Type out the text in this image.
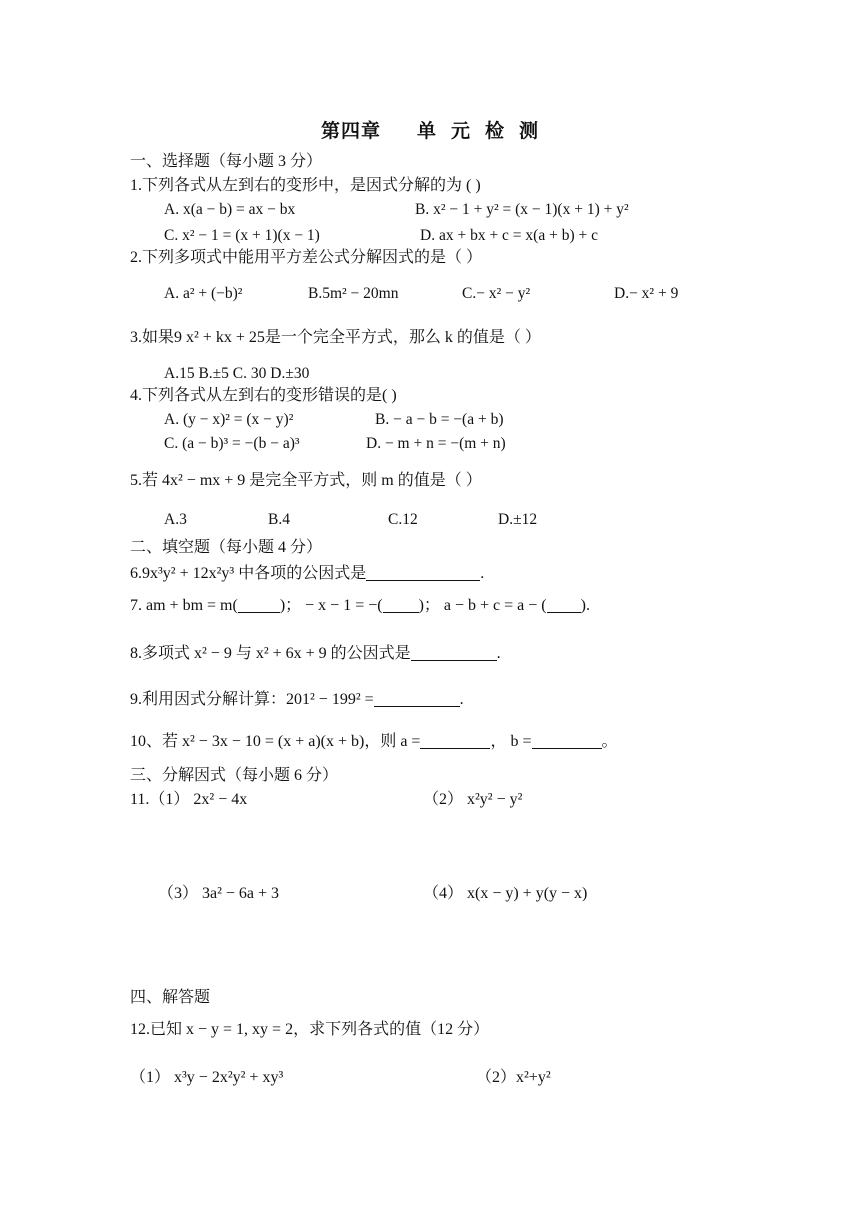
第四章 单 元 检 测
一、选择题（每小题 3 分）
1.下列各式从左到右的变形中，是因式分解的为 ( )
A. x(a − b) = ax − bx	B. x² − 1 + y² = (x − 1)(x + 1) + y²
C. x² − 1 = (x + 1)(x − 1)	D. ax + bx + c = x(a + b) + c
2.下列多项式中能用平方差公式分解因式的是（ ）
A. a² + (−b)²	B.5m² − 20mn	C.− x² − y²	D.− x² + 9
3.如果9 x² + kx + 25是一个完全平方式，那么 k 的值是（ ）
A.15 B.±5 C. 30 D.±30
4.下列各式从左到右的变形错误的是( )
A. (y − x)² = (x − y)²	B. − a − b = −(a + b)
C. (a − b)³ = −(b − a)³	D. − m + n = −(m + n)
5.若 4x² − mx + 9 是完全平方式，则 m 的值是（ ）
A.3	B.4	C.12	D.±12
二、填空题（每小题 4 分）
6.9x³y² + 12x²y³ 中各项的公因式是	.
7. am + bm = m(	)； − x − 1 = −( )； a − b + c = a − ( ).
8.多项式 x² − 9 与 x² + 6x + 9 的公因式是	.
9.利用因式分解计算：201² − 199² =	.
10、若 x² − 3x − 10 = (x + a)(x + b)，则 a =	， b =	。
三、分解因式（每小题 6 分）
11.（1） 2x² − 4x	（2） x²y² − y²
（3） 3a² − 6a + 3	（4） x(x − y) + y(y − x)
四、解答题
12.已知 x − y = 1, xy = 2，求下列各式的值（12 分）
（1） x³y − 2x²y² + xy³	（2）x²+y²
